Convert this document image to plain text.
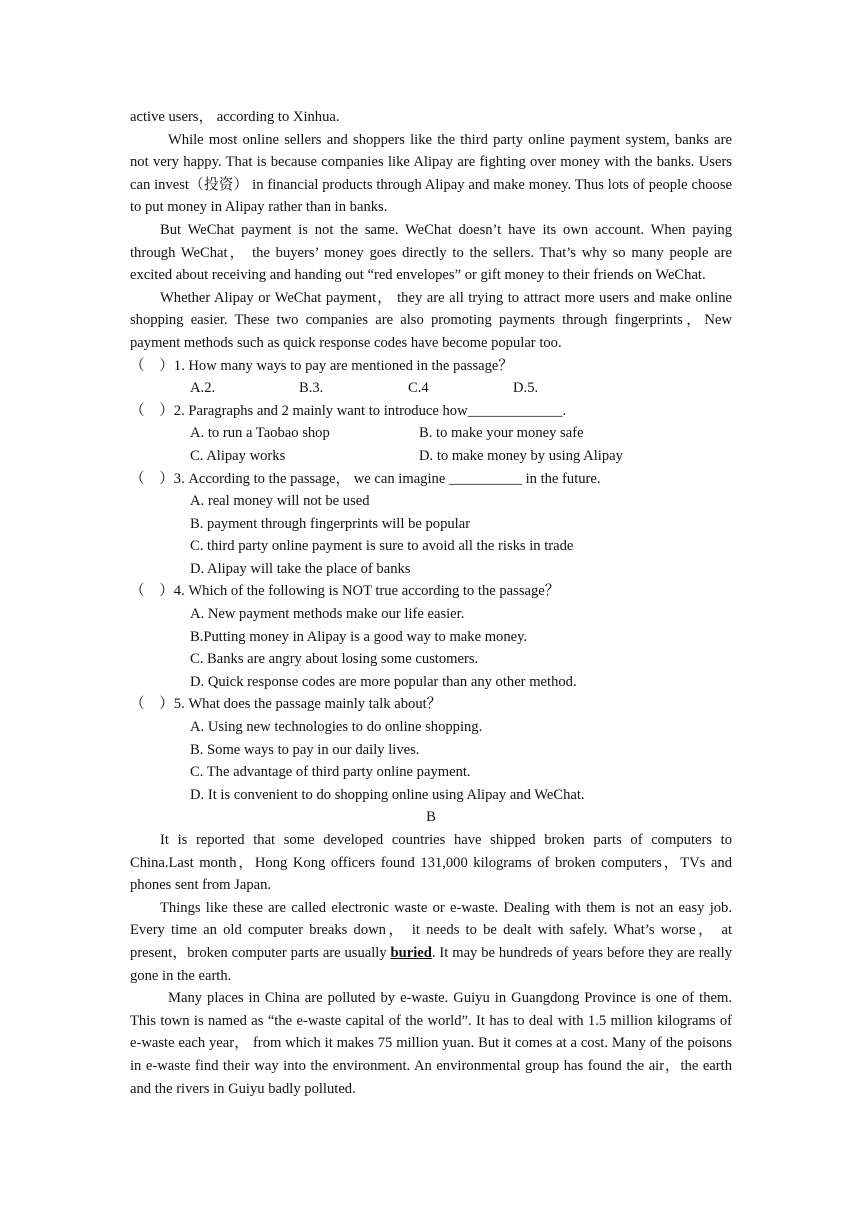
active users， according to Xinhua.

While most online sellers and shoppers like the third party online payment system, banks are not very happy. That is because companies like Alipay are fighting over money with the banks. Users can invest（投资） in financial products through Alipay and make money. Thus lots of people choose to put money in Alipay rather than in banks.

But WeChat payment is not the same. WeChat doesn’t have its own account. When paying through WeChat， the buyers’ money goes directly to the sellers. That’s why so many people are excited about receiving and handing out “red envelopes” or gift money to their friends on WeChat.

Whether Alipay or WeChat payment， they are all trying to attract more users and make online shopping easier. These two companies are also promoting payments through fingerprints，New payment methods such as quick response codes have become popular too.

（　）1. How many ways to pay are mentioned in the passage？

A.2.	B.3.	C.4	D.5.

（　）2. Paragraphs and 2 mainly want to introduce how_____________.

A. to run a Taobao shop	B. to make your money safe
C. Alipay works	D. to make money by using Alipay

（　）3. According to the passage， we can imagine __________ in the future.

A. real money will not be used

B. payment through fingerprints will be popular

C. third party online payment is sure to avoid all the risks in trade

D. Alipay will take the place of banks

（　）4. Which of the following is NOT true according to the passage？

A. New payment methods make our life easier.

B.Putting money in Alipay is a good way to make money.

C. Banks are angry about losing some customers.

D. Quick response codes are more popular than any other method.

（　）5. What does the passage mainly talk about？

A. Using new technologies to do online shopping.

B. Some ways to pay in our daily lives.

C. The advantage of third party online payment.

D. It is convenient to do shopping online using Alipay and WeChat.

B

It is reported that some developed countries have shipped broken parts of computers to China.Last month，Hong Kong officers found 131,000 kilograms of broken computers，TVs and phones sent from Japan.

Things like these are called electronic waste or e-waste. Dealing with them is not an easy job. Every time an old computer breaks down， it needs to be dealt with safely. What’s worse， at present，broken computer parts are usually buried. It may be hundreds of years before they are really gone in the earth.

Many places in China are polluted by e-waste. Guiyu in Guangdong Province is one of them. This town is named as “the e-waste capital of the world”. It has to deal with 1.5 million kilograms of e-waste each year， from which it makes 75 million yuan. But it comes at a cost. Many of the poisons in e-waste find their way into the environment. An environmental group has found the air，the earth and the rivers in Guiyu badly polluted.
